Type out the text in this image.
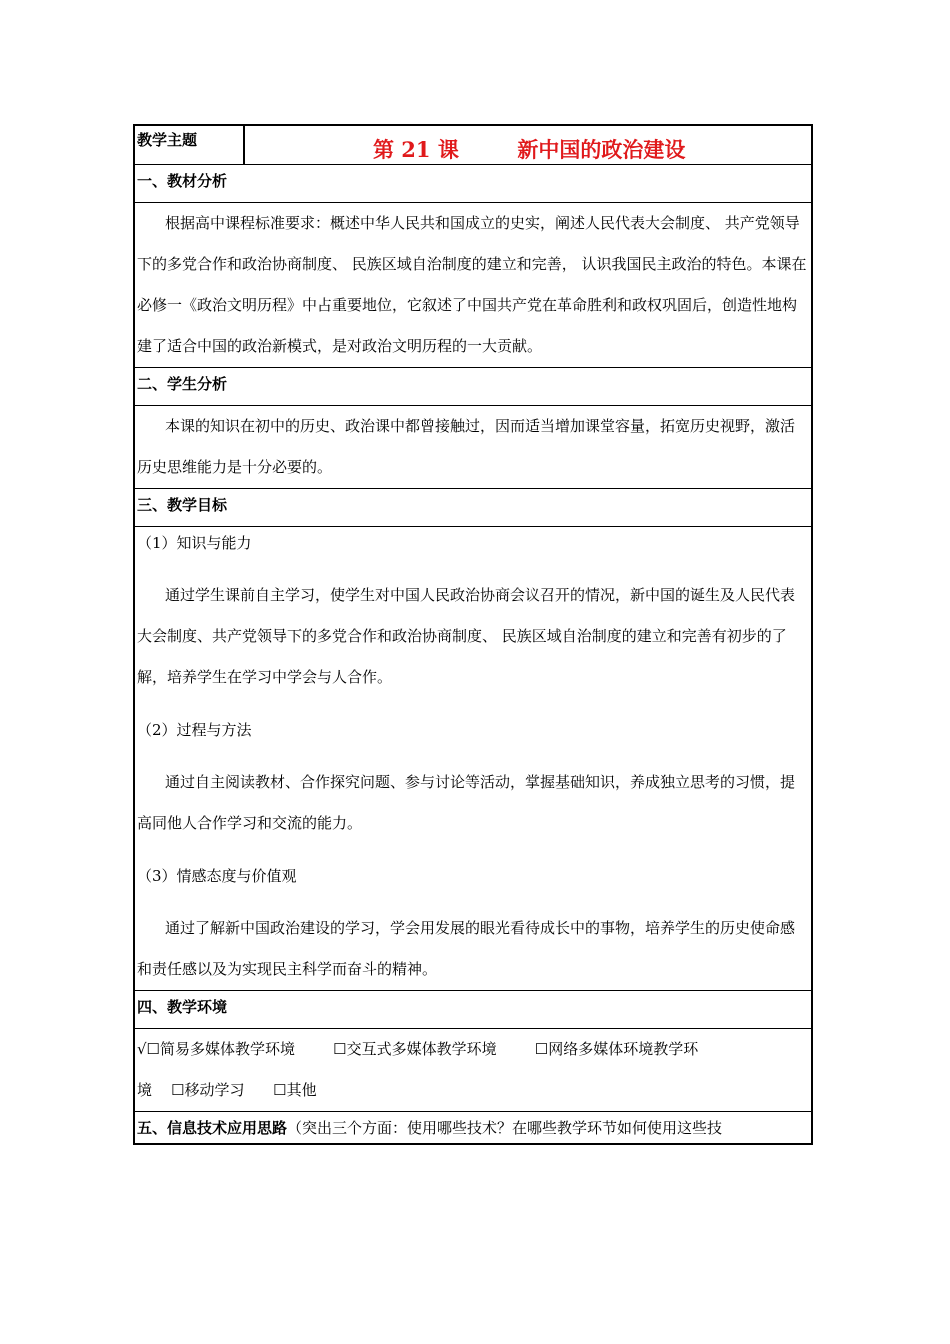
教学主题	第 21 课        新中国的政治建设
一、教材分析
根据高中课程标准要求：概述中华人民共和国成立的史实，阐述人民代表大会制度、 共产党领导下的多党合作和政治协商制度、 民族区域自治制度的建立和完善， 认识我国民主政治的特色。本课在必修一《政治文明历程》中占重要地位，它叙述了中国共产党在革命胜利和政权巩固后，创造性地构建了适合中国的政治新模式，是对政治文明历程的一大贡献。
二、学生分析
本课的知识在初中的历史、政治课中都曾接触过，因而适当增加课堂容量，拓宽历史视野，激活历史思维能力是十分必要的。
三、教学目标
（1）知识与能力
通过学生课前自主学习，使学生对中国人民政治协商会议召开的情况，新中国的诞生及人民代表大会制度、共产党领导下的多党合作和政治协商制度、 民族区域自治制度的建立和完善有初步的了解，培养学生在学习中学会与人合作。
（2）过程与方法
通过自主阅读教材、合作探究问题、参与讨论等活动，掌握基础知识，养成独立思考的习惯，提高同他人合作学习和交流的能力。
（3）情感态度与价值观
通过了解新中国政治建设的学习，学会用发展的眼光看待成长中的事物，培养学生的历史使命感和责任感以及为实现民主科学而奋斗的精神。
四、教学环境
√☐简易多媒体教学环境	☐交互式多媒体教学环境	☐网络多媒体环境教学环
境 ☐移动学习 ☐其他
五、信息技术应用思路（突出三个方面：使用哪些技术？在哪些教学环节如何使用这些技
